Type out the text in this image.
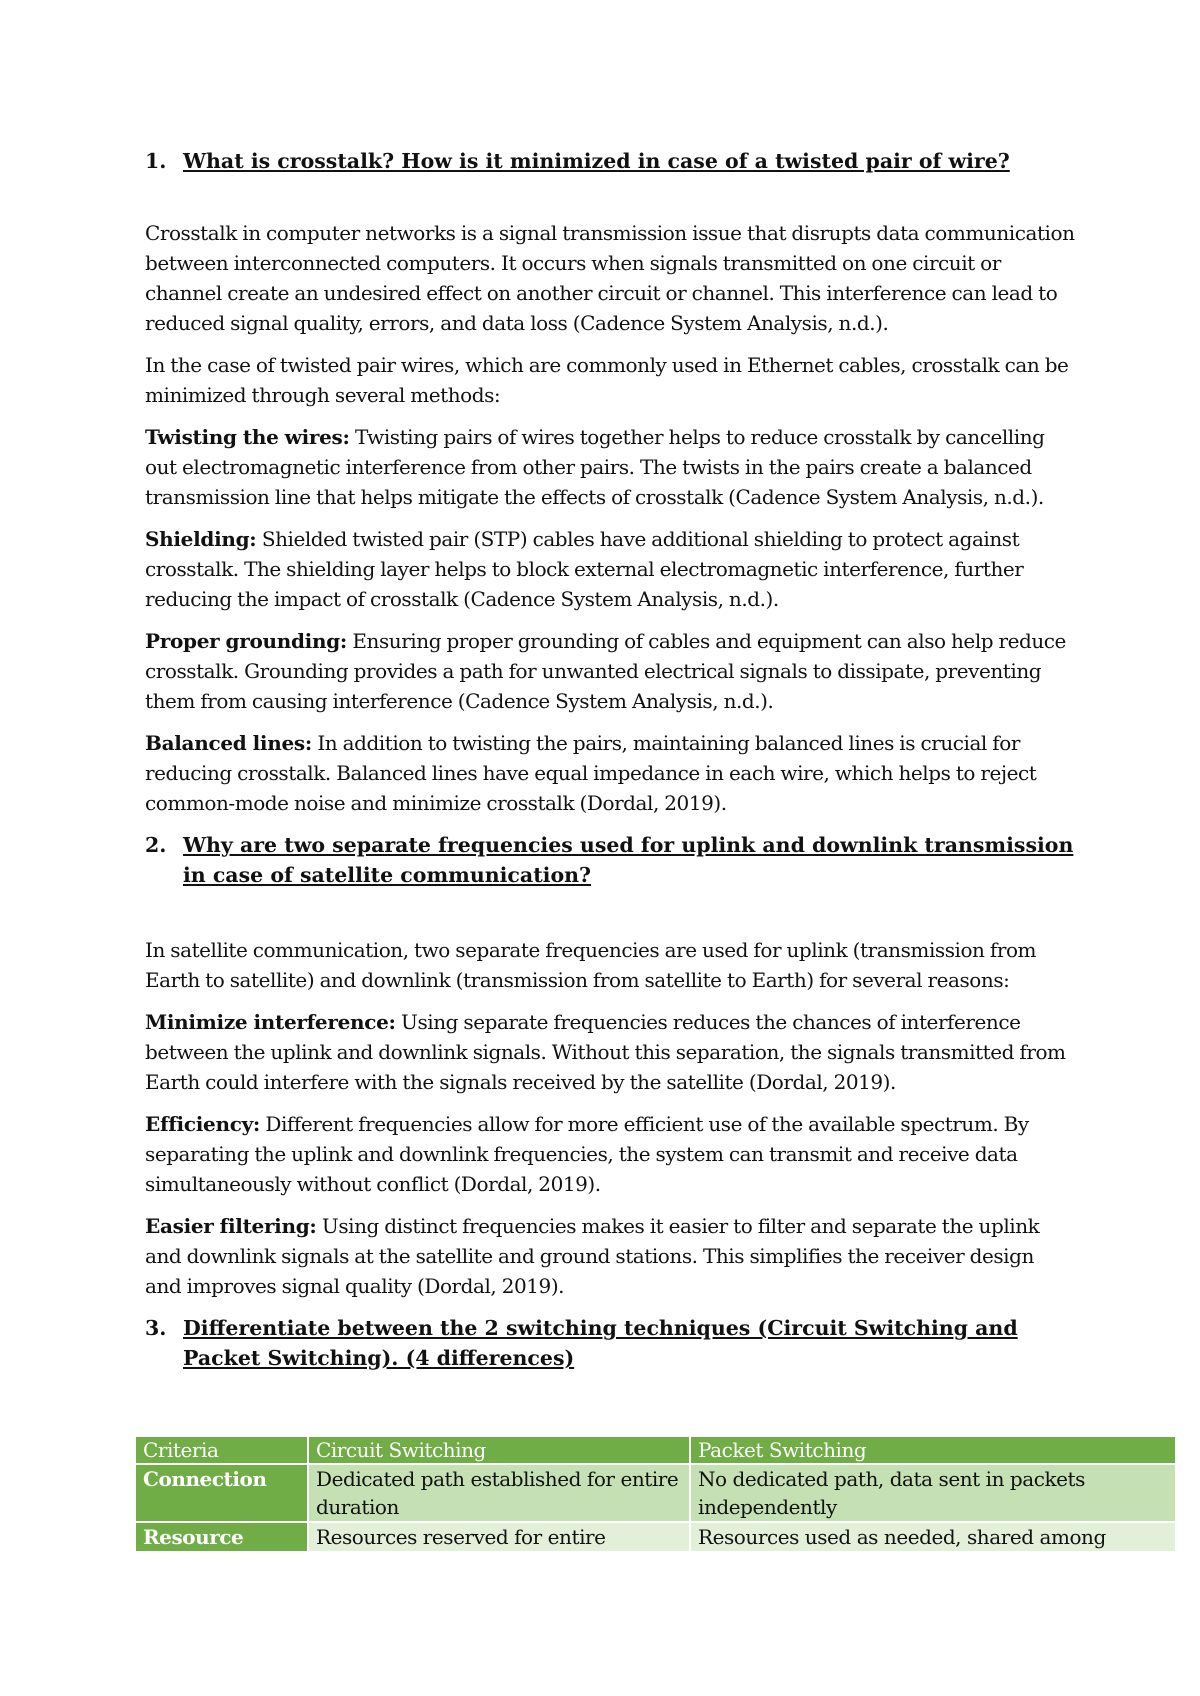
1. What is crosstalk? How is it minimized in case of a twisted pair of wire?

Crosstalk in computer networks is a signal transmission issue that disrupts data communication between interconnected computers. It occurs when signals transmitted on one circuit or channel create an undesired effect on another circuit or channel. This interference can lead to reduced signal quality, errors, and data loss (Cadence System Analysis, n.d.).

In the case of twisted pair wires, which are commonly used in Ethernet cables, crosstalk can be minimized through several methods:

Twisting the wires: Twisting pairs of wires together helps to reduce crosstalk by cancelling out electromagnetic interference from other pairs. The twists in the pairs create a balanced transmission line that helps mitigate the effects of crosstalk (Cadence System Analysis, n.d.).

Shielding: Shielded twisted pair (STP) cables have additional shielding to protect against crosstalk. The shielding layer helps to block external electromagnetic interference, further reducing the impact of crosstalk (Cadence System Analysis, n.d.).

Proper grounding: Ensuring proper grounding of cables and equipment can also help reduce crosstalk. Grounding provides a path for unwanted electrical signals to dissipate, preventing them from causing interference (Cadence System Analysis, n.d.).

Balanced lines: In addition to twisting the pairs, maintaining balanced lines is crucial for reducing crosstalk. Balanced lines have equal impedance in each wire, which helps to reject common-mode noise and minimize crosstalk (Dordal, 2019).

2. Why are two separate frequencies used for uplink and downlink transmission in case of satellite communication?

In satellite communication, two separate frequencies are used for uplink (transmission from Earth to satellite) and downlink (transmission from satellite to Earth) for several reasons:

Minimize interference: Using separate frequencies reduces the chances of interference between the uplink and downlink signals. Without this separation, the signals transmitted from Earth could interfere with the signals received by the satellite (Dordal, 2019).

Efficiency: Different frequencies allow for more efficient use of the available spectrum. By separating the uplink and downlink frequencies, the system can transmit and receive data simultaneously without conflict (Dordal, 2019).

Easier filtering: Using distinct frequencies makes it easier to filter and separate the uplink and downlink signals at the satellite and ground stations. This simplifies the receiver design and improves signal quality (Dordal, 2019).

3. Differentiate between the 2 switching techniques (Circuit Switching and Packet Switching). (4 differences)
Criteria	Circuit Switching	Packet Switching
Connection	Dedicated path established for entire duration	No dedicated path, data sent in packets independently
Resource	Resources reserved for entire	Resources used as needed, shared among
